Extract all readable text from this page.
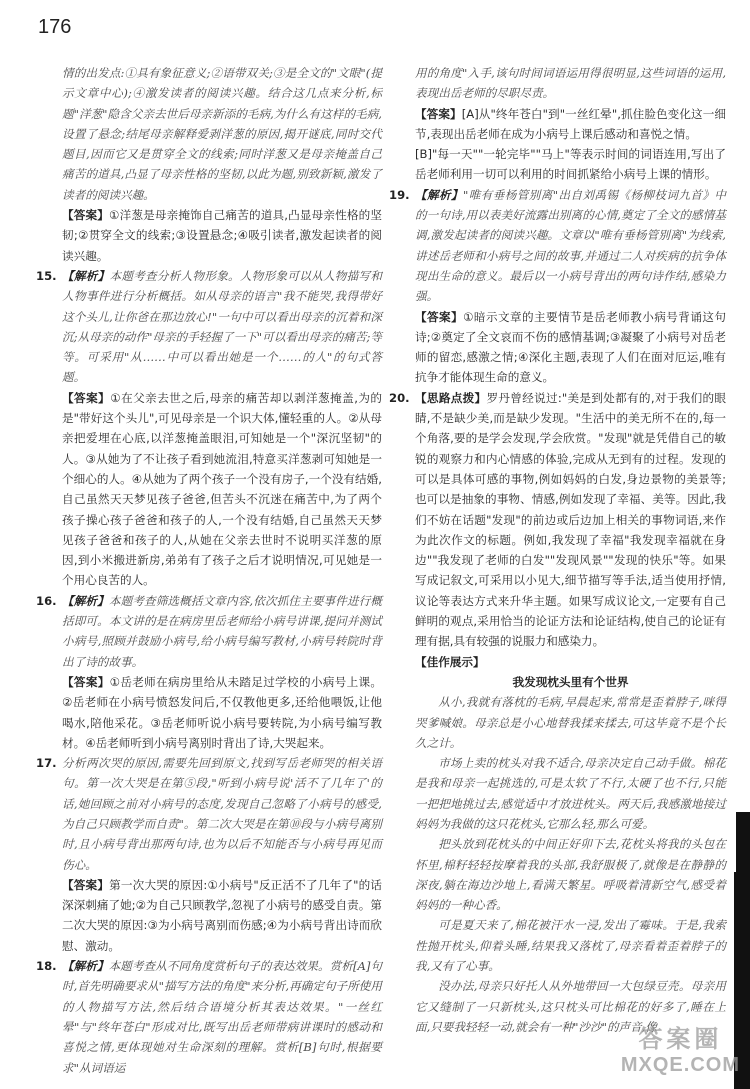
176

情的出发点:①具有象征意义;②语带双关;③是全文的"文眼"(提示文章中心);④激发读者的阅读兴趣。结合这几点来分析,标题"洋葱"隐含父亲去世后母亲新添的毛病,为什么有这样的毛病,设置了悬念;结尾母亲解释爱剥洋葱的原因,揭开谜底,同时交代题目,因而它又是贯穿全文的线索;同时洋葱又是母亲掩盖自己痛苦的道具,凸显了母亲性格的坚韧,以此为题,别致新颖,激发了读者的阅读兴趣。

【答案】①洋葱是母亲掩饰自己痛苦的道具,凸显母亲性格的坚韧;②贯穿全文的线索;③设置悬念;④吸引读者,激发起读者的阅读兴趣。

15. 【解析】本题考查分析人物形象。人物形象可以从人物描写和人物事件进行分析概括。如从母亲的语言"我不能哭,我得带好这个头儿,让你爸在那边放心!"一句中可以看出母亲的沉着和深沉;从母亲的动作"母亲的手轻握了一下"可以看出母亲的痛苦;等等。可采用"从……中可以看出她是一个……的人"的句式答题。

【答案】①在父亲去世之后,母亲的痛苦却以剥洋葱掩盖,为的是"带好这个头儿",可见母亲是一个识大体,懂轻重的人。②从母亲把爱埋在心底,以洋葱掩盖眼泪,可知她是一个"深沉坚韧"的人。③从她为了不让孩子看到她流泪,特意买洋葱剥可知她是一个细心的人。④从她为了两个孩子一个没有房子,一个没有结婚,自己虽然天天梦见孩子爸爸,但苦头不沉迷在痛苦中,为了两个孩子操心孩子爸爸和孩子的人,一个没有结婚,自己虽然天天梦见孩子爸爸和孩子的人,从她在父亲去世时不说明买洋葱的原因,到小米搬进新房,弟弟有了孩子之后才说明情况,可见她是一个用心良苦的人。

16. 【解析】本题考查筛选概括文章内容,依次抓住主要事件进行概括即可。本文讲的是在病房里岳老师给小病号讲课,提问并测试小病号,照顾并鼓励小病号,给小病号编写教材,小病号转院时背出了诗的故事。

【答案】①岳老师在病房里给从未踏足过学校的小病号上课。②岳老师在小病号愤怒发问后,不仅教他更多,还给他喂饭,让他喝水,陪他采花。③岳老师听说小病号要转院,为小病号编写教材。④岳老师听到小病号离别时背出了诗,大哭起来。

17. 分析两次哭的原因,需要先回到原文,找到写岳老师哭的相关语句。第一次大哭是在第⑤段,"听到小病号说'活不了几年了'的话,她回顾之前对小病号的态度,发现自己忽略了小病号的感受,为自己只顾教学而自责"。第二次大哭是在第⑩段与小病号离别时,且小病号背出那两句诗,也为以后不知能否与小病号再见而伤心。

【答案】第一次大哭的原因:①小病号"反正活不了几年了"的话深深刺痛了她;②为自己只顾教学,忽视了小病号的感受自责。第二次大哭的原因:③为小病号离别而伤感;④为小病号背出诗而欣慰、激动。

18. 【解析】本题考查从不同角度赏析句子的表达效果。赏析[A]句时,首先明确要求从"描写方法的角度"来分析,再确定句子所使用的人物描写方法,然后结合语境分析其表达效果。"一丝红晕"与"终年苍白"形成对比,既写出岳老师带病讲课时的感动和喜悦之情,更体现她对生命深刻的理解。赏析[B]句时,根据要求"从词语运

用的角度"入手,该句时间词语运用得很明显,这些词语的运用,表现出岳老师的尽职尽责。

【答案】[A]从"终年苍白"到"一丝红晕",抓住脸色变化这一细节,表现出岳老师在成为小病号上课后感动和喜悦之情。

[B]"每一天""一轮完毕""马上"等表示时间的词语连用,写出了岳老师利用一切可以利用的时间抓紧给小病号上课的情形。

19. 【解析】"唯有垂杨管别离"出自刘禹锡《杨柳枝词九首》中的一句诗,用以表美好流露出别离的心情,奠定了全文的感情基调,激发起读者的阅读兴趣。文章以"唯有垂杨管别离"为线索,讲述岳老师和小病号之间的故事,并通过二人对疾病的抗争体现出生命的意义。最后以一小病号背出的两句诗作结,感染力强。

【答案】①暗示文章的主要情节是岳老师教小病号背诵这句诗;②奠定了全文哀而不伤的感情基调;③凝聚了小病号对岳老师的留恋,感激之情;④深化主题,表现了人们在面对厄运,唯有抗争才能体现生命的意义。

20. 【思路点拨】罗丹曾经说过:"美是到处都有的,对于我们的眼睛,不是缺少美,而是缺少发现。"生活中的美无所不在的,每一个角落,要的是学会发现,学会欣赏。"发现"就是凭借自己的敏锐的观察力和内心情感的体验,完成从无到有的过程。发现的可以是具体可感的事物,例如妈妈的白发,身边景物的美景等;也可以是抽象的事物、情感,例如发现了幸福、美等。因此,我们不妨在话题"发现"的前边或后边加上相关的事物词语,来作为此次作文的标题。例如,我发现了幸福"我发现幸福就在身边""我发现了老师的白发""发现风景""发现的快乐"等。如果写成记叙文,可采用以小见大,细节描写等手法,适当使用抒情,议论等表达方式来升华主题。如果写成议论文,一定要有自己鲜明的观点,采用恰当的论证方法和论证结构,使自己的论证有理有据,具有较强的说服力和感染力。

【佳作展示】

我发现枕头里有个世界

从小,我就有落枕的毛病,早晨起来,常常是歪着脖子,咪得哭爹喊娘。母亲总是小心地替我揉来揉去,可这毕竟不是个长久之计。

市场上卖的枕头对我不适合,母亲决定自己动手做。棉花是我和母亲一起挑选的,可是太软了不行,太硬了也不行,只能一把把地挑过去,感觉适中才放进枕头。两天后,我感激地接过妈妈为我做的这只花枕头,它那么轻,那么可爱。

把头放到花枕头的中间正好卯下去,花枕头将我的头包在怀里,棉籽轻轻按摩着我的头部,我舒服极了,就像是在静静的深夜,躺在海边沙地上,看满天繁星。呼吸着清新空气,感受着妈妈的一种心香。

可是夏天来了,棉花被汗水一浸,发出了霉味。于是,我索性抛开枕头,仰着头睡,结果我又落枕了,母亲看着歪着脖子的我,又有了心事。

没办法,母亲只好托人从外地带回一大包绿豆壳。母亲用它又缝制了一只新枕头,这只枕头可比棉花的好多了,睡在上面,只要我轻轻一动,就会有一种"沙沙"的声音,像

答案圈
MXQE.COM
